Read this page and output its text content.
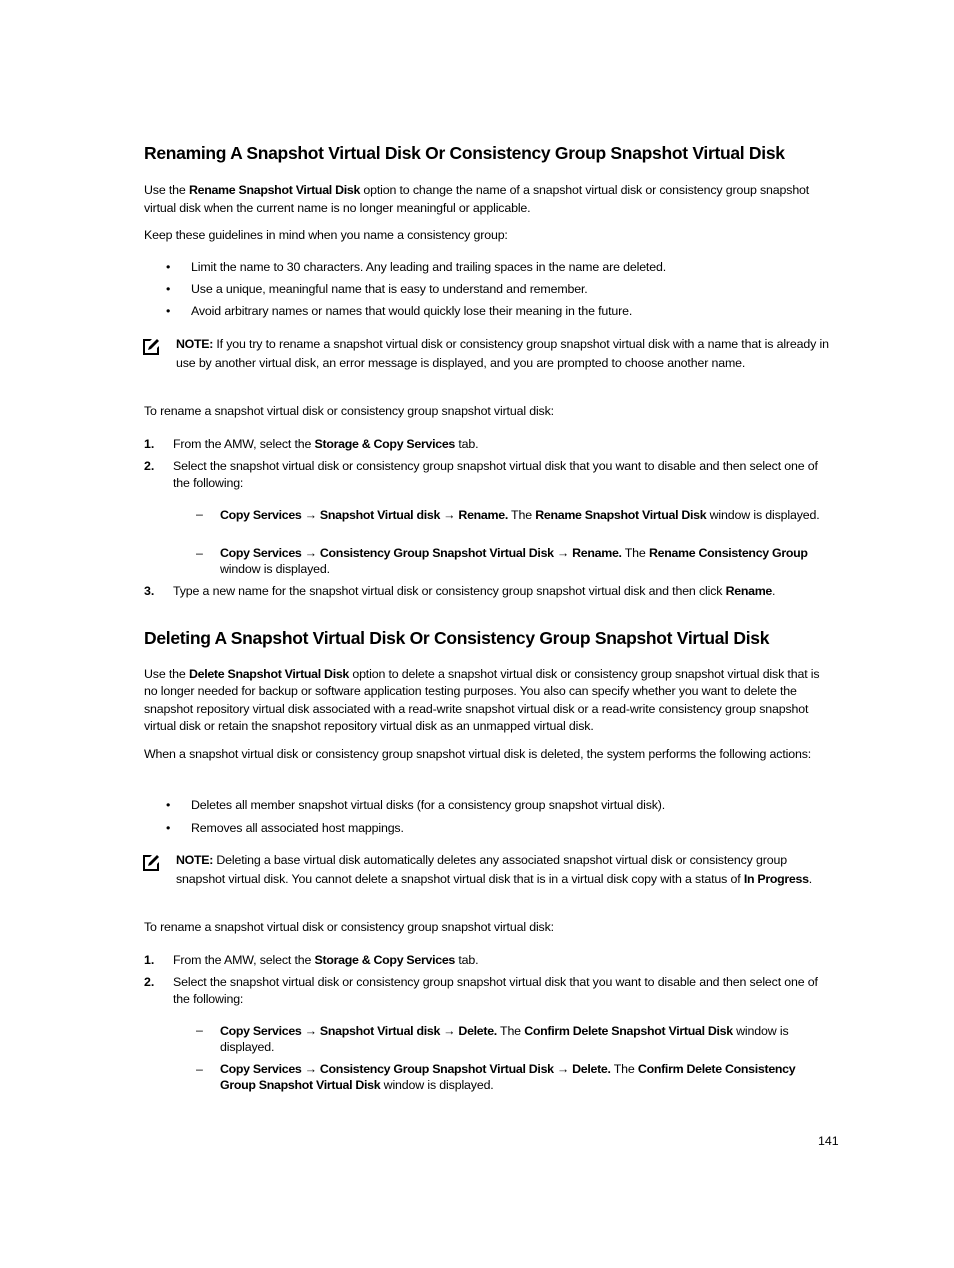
Renaming A Snapshot Virtual Disk Or Consistency Group Snapshot Virtual Disk

Use the Rename Snapshot Virtual Disk option to change the name of a snapshot virtual disk or consistency group snapshot virtual disk when the current name is no longer meaningful or applicable.

Keep these guidelines in mind when you name a consistency group:

• Limit the name to 30 characters. Any leading and trailing spaces in the name are deleted.
• Use a unique, meaningful name that is easy to understand and remember.
• Avoid arbitrary names or names that would quickly lose their meaning in the future.

NOTE: If you try to rename a snapshot virtual disk or consistency group snapshot virtual disk with a name that is already in use by another virtual disk, an error message is displayed, and you are prompted to choose another name.

To rename a snapshot virtual disk or consistency group snapshot virtual disk:

1. From the AMW, select the Storage & Copy Services tab.

2. Select the snapshot virtual disk or consistency group snapshot virtual disk that you want to disable and then select one of the following:

– Copy Services → Snapshot Virtual disk → Rename. The Rename Snapshot Virtual Disk window is displayed.

– Copy Services → Consistency Group Snapshot Virtual Disk → Rename. The Rename Consistency Group window is displayed.

3. Type a new name for the snapshot virtual disk or consistency group snapshot virtual disk and then click Rename.

Deleting A Snapshot Virtual Disk Or Consistency Group Snapshot Virtual Disk

Use the Delete Snapshot Virtual Disk option to delete a snapshot virtual disk or consistency group snapshot virtual disk that is no longer needed for backup or software application testing purposes. You also can specify whether you want to delete the snapshot repository virtual disk associated with a read-write snapshot virtual disk or a read-write consistency group snapshot virtual disk or retain the snapshot repository virtual disk as an unmapped virtual disk.

When a snapshot virtual disk or consistency group snapshot virtual disk is deleted, the system performs the following actions:

• Deletes all member snapshot virtual disks (for a consistency group snapshot virtual disk).
• Removes all associated host mappings.

NOTE: Deleting a base virtual disk automatically deletes any associated snapshot virtual disk or consistency group snapshot virtual disk. You cannot delete a snapshot virtual disk that is in a virtual disk copy with a status of In Progress.

To rename a snapshot virtual disk or consistency group snapshot virtual disk:

1. From the AMW, select the Storage & Copy Services tab.

2. Select the snapshot virtual disk or consistency group snapshot virtual disk that you want to disable and then select one of the following:

– Copy Services → Snapshot Virtual disk → Delete. The Confirm Delete Snapshot Virtual Disk window is displayed.

– Copy Services → Consistency Group Snapshot Virtual Disk → Delete. The Confirm Delete Consistency Group Snapshot Virtual Disk window is displayed.

141
